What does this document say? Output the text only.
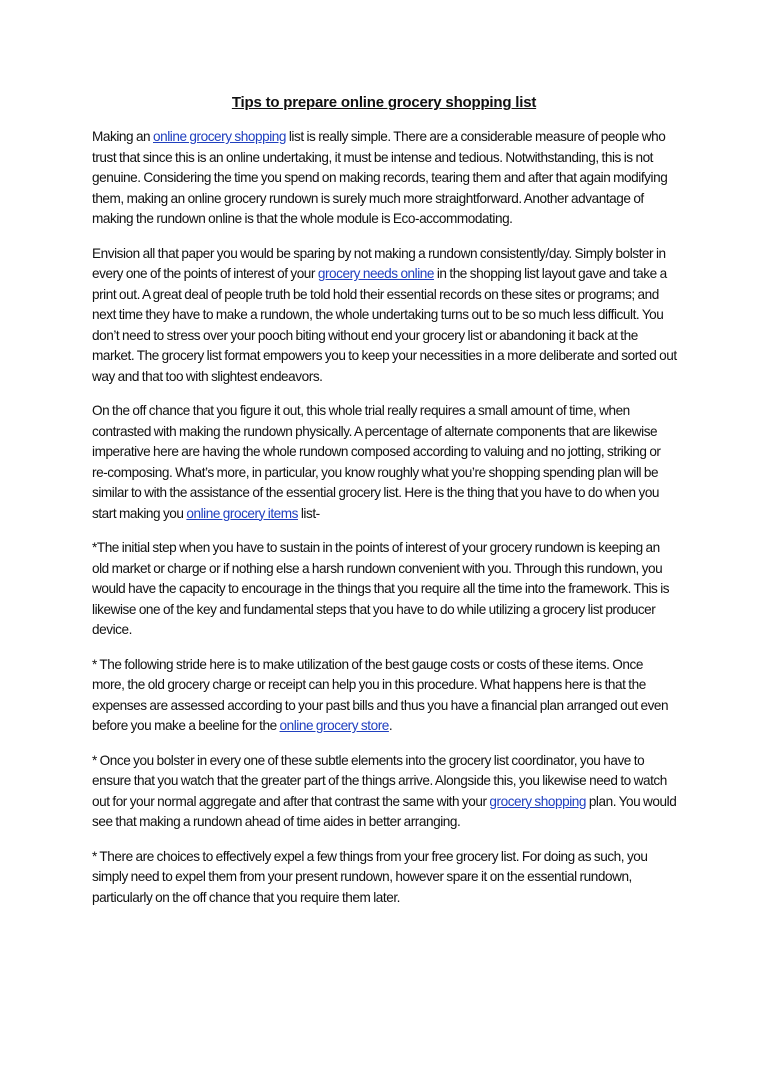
Tips to prepare online grocery shopping list

Making an online grocery shopping list is really simple. There are a considerable measure of people who trust that since this is an online undertaking, it must be intense and tedious. Notwithstanding, this is not genuine. Considering the time you spend on making records, tearing them and after that again modifying them, making an online grocery rundown is surely much more straightforward. Another advantage of making the rundown online is that the whole module is Eco-accommodating.

Envision all that paper you would be sparing by not making a rundown consistently/day. Simply bolster in every one of the points of interest of your grocery needs online in the shopping list layout gave and take a print out. A great deal of people truth be told hold their essential records on these sites or programs; and next time they have to make a rundown, the whole undertaking turns out to be so much less difficult. You don’t need to stress over your pooch biting without end your grocery list or abandoning it back at the market. The grocery list format empowers you to keep your necessities in a more deliberate and sorted out way and that too with slightest endeavors.

On the off chance that you figure it out, this whole trial really requires a small amount of time, when contrasted with making the rundown physically. A percentage of alternate components that are likewise imperative here are having the whole rundown composed according to valuing and no jotting, striking or re-composing. What’s more, in particular, you know roughly what you’re shopping spending plan will be similar to with the assistance of the essential grocery list. Here is the thing that you have to do when you start making you online grocery items list-

*The initial step when you have to sustain in the points of interest of your grocery rundown is keeping an old market or charge or if nothing else a harsh rundown convenient with you. Through this rundown, you would have the capacity to encourage in the things that you require all the time into the framework. This is likewise one of the key and fundamental steps that you have to do while utilizing a grocery list producer device.

* The following stride here is to make utilization of the best gauge costs or costs of these items. Once more, the old grocery charge or receipt can help you in this procedure. What happens here is that the expenses are assessed according to your past bills and thus you have a financial plan arranged out even before you make a beeline for the online grocery store.

* Once you bolster in every one of these subtle elements into the grocery list coordinator, you have to ensure that you watch that the greater part of the things arrive. Alongside this, you likewise need to watch out for your normal aggregate and after that contrast the same with your grocery shopping plan. You would see that making a rundown ahead of time aides in better arranging.

* There are choices to effectively expel a few things from your free grocery list. For doing as such, you simply need to expel them from your present rundown, however spare it on the essential rundown, particularly on the off chance that you require them later.
